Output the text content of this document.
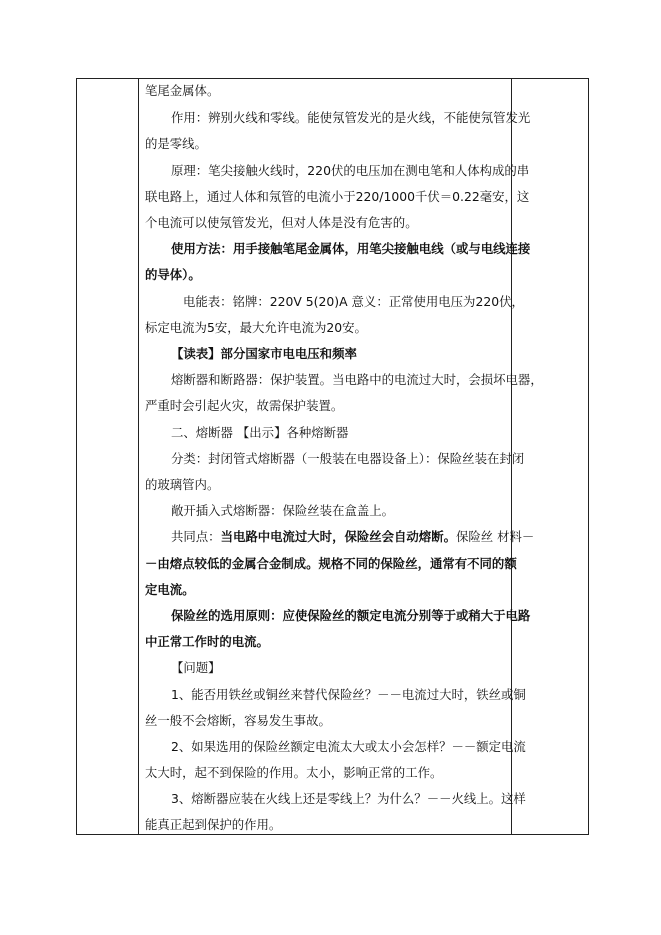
笔尾金属体。
作用：辨别火线和零线。能使氖管发光的是火线，不能使氖管发光
的是零线。
原理：笔尖接触火线时，220伏的电压加在测电笔和人体构成的串
联电路上，通过人体和氖管的电流小于220/1000千伏＝0.22毫安，这
个电流可以使氖管发光，但对人体是没有危害的。
使用方法：用手接触笔尾金属体，用笔尖接触电线（或与电线连接
的导体）。
电能表：铭牌：220V 5(20)A 意义：正常使用电压为220伏，
标定电流为5安，最大允许电流为20安。
【读表】部分国家市电电压和频率
熔断器和断路器：保护装置。当电路中的电流过大时，会损坏电器，
严重时会引起火灾，故需保护装置。
二、熔断器 【出示】各种熔断器
分类：封闭管式熔断器（一般装在电器设备上）：保险丝装在封闭
的玻璃管内。
敞开插入式熔断器：保险丝装在盒盖上。
共同点：当电路中电流过大时，保险丝会自动熔断。保险丝 材料－
－由熔点较低的金属合金制成。规格不同的保险丝，通常有不同的额
定电流。
保险丝的选用原则：应使保险丝的额定电流分别等于或稍大于电路
中正常工作时的电流。
【问题】
1、能否用铁丝或铜丝来替代保险丝？－－电流过大时，铁丝或铜
丝一般不会熔断，容易发生事故。
2、如果选用的保险丝额定电流太大或太小会怎样？－－额定电流
太大时，起不到保险的作用。太小，影响正常的工作。
3、熔断器应装在火线上还是零线上？为什么？－－火线上。这样
能真正起到保护的作用。
